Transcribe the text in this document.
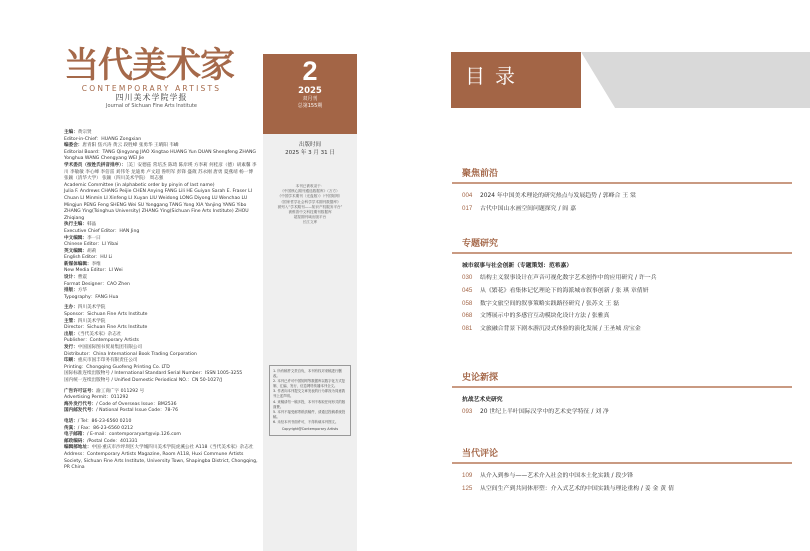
当代美术家
CONTEMPORARY ARTISTS
四川美术学院学报
Journal of Sichuan Fine Arts Institute
主编：黄宗贤
Editor-in-Chief：HUANG Zongxian
编委会：唐青阳 焦兴涛 黄云 段胜峰 张勇华 王晴阳 韦嶙
Editorial Board：TANG Qingyang JIAO Xingtao HUANG Yun DUAN Shengfeng ZHANG Yonghua WANG Chengyang WEI Jie
学术委员（按姓氏拼音排序）：［美］安德兹 常培杰 陈琦 陈岸瑛 方李莉 何桂彦（德）胡素馨 李川 李敏敏 李心峰 李倍雷 刘伟冬 龙迪勇 卢文超 鲁明军 彭锋 盛葳 苏永刚 唐勇 夏燕靖 杨一博 张颖（清华大学） 张颖（四川美术学院） 周志强
Academic Committee (in alphabetic order by pinyin of last name)
Julia F. Andrews CHANG Peijie CHEN Anying FANG Lili HE Guiyan Sarah E. Fraser LI Chuan LI Minmin LI Xinfeng LI Xuyan LIU Weidong LONG Diyong LU Wenchao LU Mingjun PENG Feng SHENG Wei SU Yonggang TANG Yong XIA Yanjing YANG Yibo ZHANG Ying(Tsinghua University) ZHANG Ying(Sichuan Fine Arts Institute) ZHOU Zhiqiang
执行主编：韩晶
Executive Chief Editor：HAN Jing
中文编辑：李一曰
Chinese Editor：LI Yibai
英文编辑：胡莉
English Editor：HU Li
新媒体编辑：李维
New Media Editor：LI Wei
设计：曹震
Format Designer：CAO Zhen
排版：方华
Typography：FANG Hua
主办：四川美术学院
Sponsor：Sichuan Fine Arts Institute
主管：四川美术学院
Director：Sichuan Fine Arts Institute
出版：《当代美术家》杂志社
Publisher：Contemporary Artists
发行：中国国际图书贸易集团有限公司
Distributor：China International Book Trading Corporation
印刷：重庆市国丰印务有限责任公司
Printing：Chongqing Guofeng Printing Co. LTD
国际标准连续出版物号 / International Standard Serial Number：ISSN 1005-3255
国内统一连续出版物号 / Unified Domestic Periodical NO.：CN 50-1027/J
广告许可证号：渝工商广字 011292 号
Advertising Permit：011292
海外发行代号：/ Code of Overseas Issue：BM2536
国内邮发代号：/ National Postal Issue Code：78-76
电话：/ Tel：86-23-6560 0210
传真：/ Fax：86-23-6560 0212
电子邮箱：/ E-mail：contemporaryart@vip.126.com
邮政编码：/Postal Code：401331
编辑部地址：中国·重庆市沙坪坝区大学城四川美术学院虎溪公社 A118《当代美术家》杂志社
Address：Contemporary Artists Magazine, Room A118, Huxi Commune Artists Society, Sichuan Fine Arts Institute, University Town, Shapingba District, Chongqing, PR China
2
2025
双月刊
总第155期
出版时间
2025 年 3 月 31 日
本刊已被收录于：
《中国核心期刊遴选数据库》（万方）
《中国学术期刊（光盘版）》（中国知网）
《国家哲学社会科学学术期刊数据库》
被列入“学术期刊——知识产权服务平台”
被维普中文科技期刊数据库
超星期刊域出版平台
长江文库
1. 所有稿件文责自负，本刊有权对来稿进行删改。
2. 本刊已许可中国知网等数据库以数字化方式复制、汇编、发行、信息网络传播本刊全文。
3. 作者向本刊提交文章发表的行为即视为同意我刊上述声明。
4. 来稿请勿一稿多投，本刊不收取任何形式的版面费。
5. 本刊不接受邮寄纸质稿件，请通过投稿系统投稿。
6. 未经本刊书面许可，不得转载本刊图文。
Copyright@Contemporary Artists
目录
聚焦前沿
004	2024 年中国美术理论的研究热点与发展趋势 / 郭峰合 王 棠
017	古代中国山水画空间问题探究 / 阎 嘉
专题研究
城市叙事与社会创新（专题策划：范希嘉）
030	结构主义叙事设计在声音可视化数字艺术创作中的应用研究 / 许一兵
045	从《繁花》看集体记忆理论下的海派城市叙事创新 / 张 琪 章倩妍
058	数字文旅空间的叙事策略实践路径研究 / 张苏文 王 磊
068	文博展示中的多感官互动模块化设计方法 / 张雅真
081	文旅融合背景下剧本游沉浸式体验的演化发展 / 王圣城 房宝金
史论新探
抗战艺术史研究
093	20 世纪上半叶国际汉学中的艺术史学特征 / 刘 净
当代评论
109	从介入到参与——艺术介入社会的中国本土化实践 / 段少锋
125	从空间生产到共同体形塑：介入式艺术的中国实践与理论重构 / 姜 金 黄 倩
